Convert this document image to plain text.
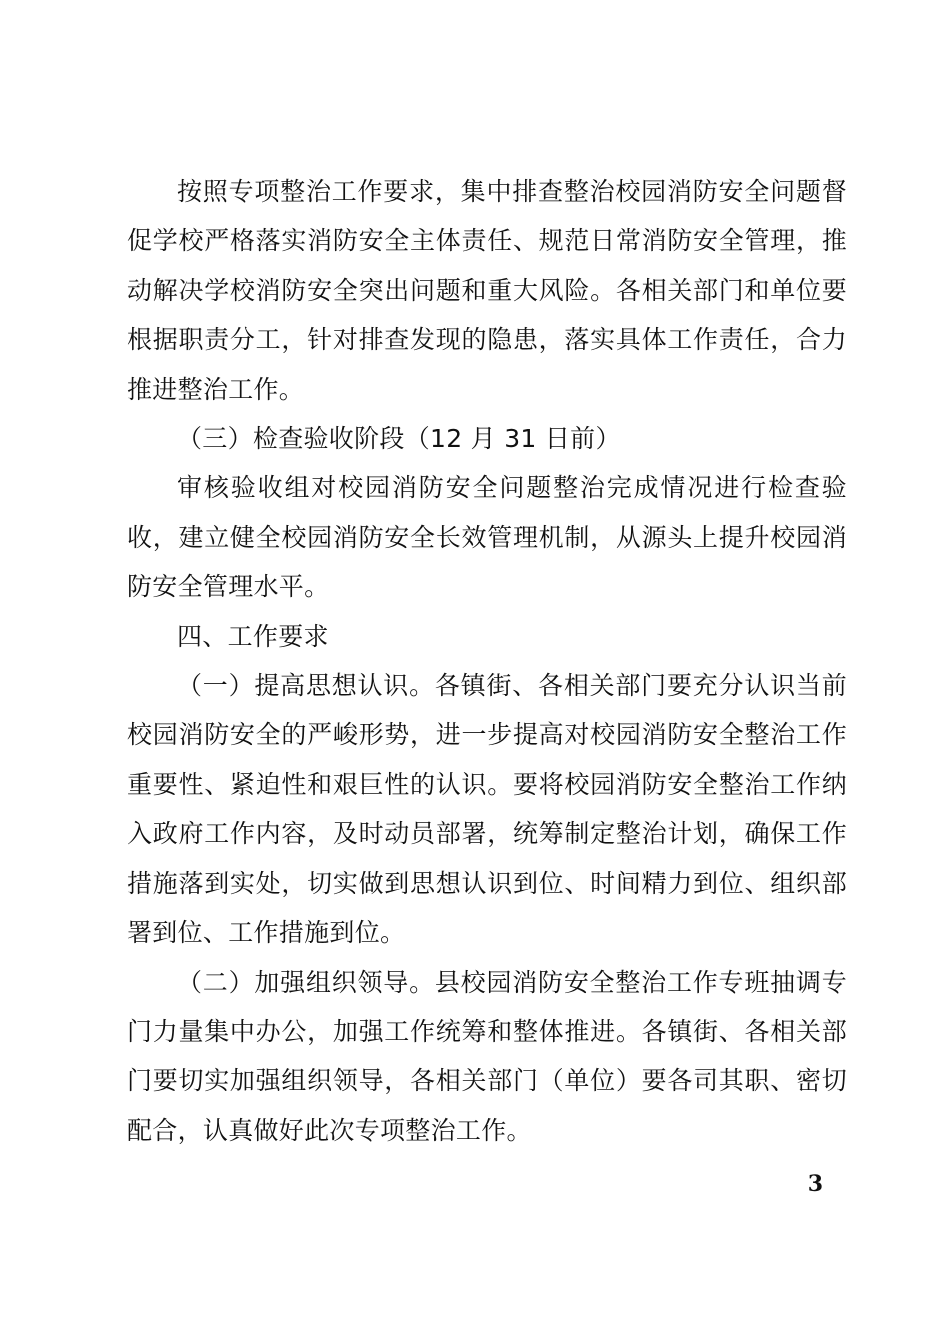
按照专项整治工作要求，集中排查整治校园消防安全问题督促学校严格落实消防安全主体责任、规范日常消防安全管理，推动解决学校消防安全突出问题和重大风险。各相关部门和单位要根据职责分工，针对排查发现的隐患，落实具体工作责任，合力推进整治工作。

（三）检查验收阶段（12 月 31 日前）

审核验收组对校园消防安全问题整治完成情况进行检查验收，建立健全校园消防安全长效管理机制，从源头上提升校园消防安全管理水平。

四、工作要求

（一）提高思想认识。各镇街、各相关部门要充分认识当前校园消防安全的严峻形势，进一步提高对校园消防安全整治工作重要性、紧迫性和艰巨性的认识。要将校园消防安全整治工作纳入政府工作内容，及时动员部署，统筹制定整治计划，确保工作措施落到实处，切实做到思想认识到位、时间精力到位、组织部署到位、工作措施到位。

（二）加强组织领导。县校园消防安全整治工作专班抽调专门力量集中办公，加强工作统筹和整体推进。各镇街、各相关部门要切实加强组织领导，各相关部门（单位）要各司其职、密切配合，认真做好此次专项整治工作。

3
